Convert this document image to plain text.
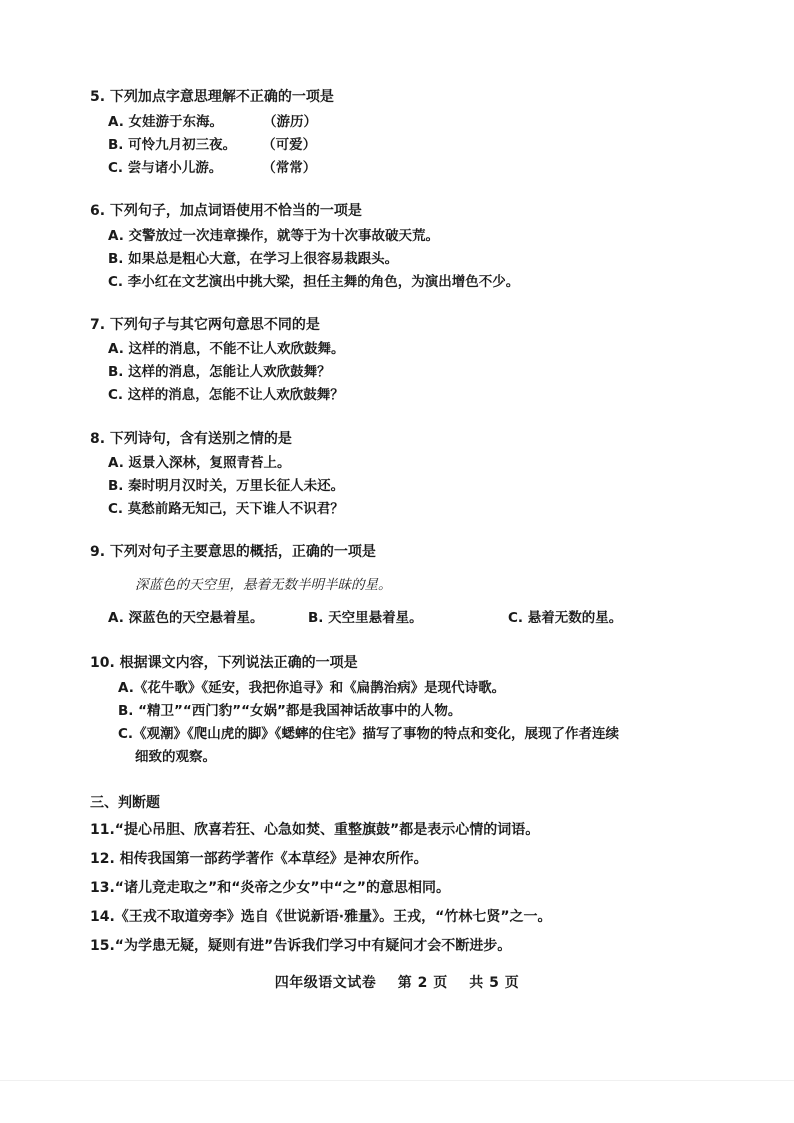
5. 下列加点字意思理解不正确的一项是
A. 女娃游于东海。	（游历）
B. 可怜九月初三夜。 （可爱）
C. 尝与诸小儿游。	（常常）
6. 下列句子，加点词语使用不恰当的一项是
A. 交警放过一次违章操作，就等于为十次事故破天荒。
B. 如果总是粗心大意，在学习上很容易栽跟头。
C. 李小红在文艺演出中挑大梁，担任主舞的角色，为演出增色不少。
7. 下列句子与其它两句意思不同的是
A. 这样的消息，不能不让人欢欣鼓舞。
B. 这样的消息，怎能让人欢欣鼓舞？
C. 这样的消息，怎能不让人欢欣鼓舞？
8. 下列诗句，含有送别之情的是
A. 返景入深林，复照青苔上。
B. 秦时明月汉时关，万里长征人未还。
C. 莫愁前路无知己，天下谁人不识君？
9. 下列对句子主要意思的概括，正确的一项是
深蓝色的天空里，悬着无数半明半昧的星。
A. 深蓝色的天空悬着星。	B. 天空里悬着星。	C. 悬着无数的星。
10. 根据课文内容，下列说法正确的一项是
A.《花牛歌》《延安，我把你追寻》和《扁鹊治病》是现代诗歌。
B. “精卫”“西门豹”“女娲”都是我国神话故事中的人物。
C.《观潮》《爬山虎的脚》《蟋蟀的住宅》描写了事物的特点和变化，展现了作者连续
细致的观察。
三、判断题
11.“提心吊胆、欣喜若狂、心急如焚、重整旗鼓”都是表示心情的词语。
12. 相传我国第一部药学著作《本草经》是神农所作。
13.“诸儿竞走取之”和“炎帝之少女”中“之”的意思相同。
14.《王戎不取道旁李》选自《世说新语·雅量》。王戎，“竹林七贤”之一。
15.“为学患无疑，疑则有进”告诉我们学习中有疑问才会不断进步。
四年级语文试卷    第 2 页    共 5 页
